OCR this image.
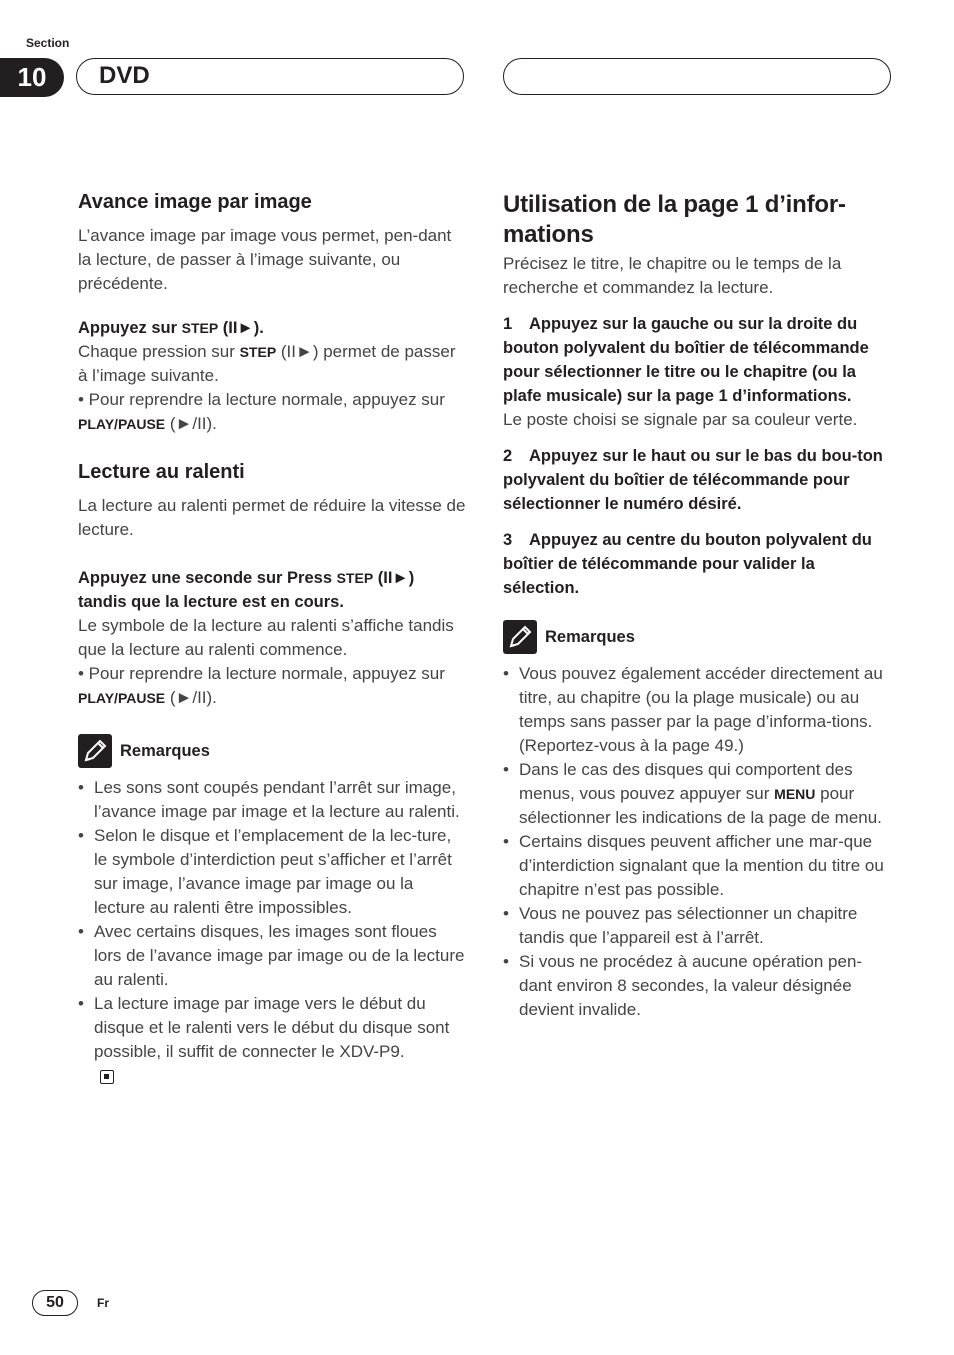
Section
10	DVD
Avance image par image

L’avance image par image vous permet, pen-dant la lecture, de passer à l’image suivante, ou précédente.

Appuyez sur STEP (II►).

Chaque pression sur STEP (II►) permet de passer à l’image suivante.

• Pour reprendre la lecture normale, appuyez sur PLAY/PAUSE (►/II).

Lecture au ralenti

La lecture au ralenti permet de réduire la vitesse de lecture.

Appuyez une seconde sur Press STEP (II►) tandis que la lecture est en cours.

Le symbole de la lecture au ralenti s’affiche tandis que la lecture au ralenti commence.

• Pour reprendre la lecture normale, appuyez sur PLAY/PAUSE (►/II).

Remarques
• Les sons sont coupés pendant l’arrêt sur image, l’avance image par image et la lecture au ralenti.
• Selon le disque et l’emplacement de la lec-ture, le symbole d’interdiction peut s’afficher et l’arrêt sur image, l’avance image par image ou la lecture au ralenti être impossibles.
• Avec certains disques, les images sont floues lors de l’avance image par image ou de la lecture au ralenti.
• La lecture image par image vers le début du disque et le ralenti vers le début du disque sont possible, il suffit de connecter le XDV-P9.
Utilisation de la page 1 d’infor-mations

Précisez le titre, le chapitre ou le temps de la recherche et commandez la lecture.

1 Appuyez sur la gauche ou sur la droite du bouton polyvalent du boîtier de télécommande pour sélectionner le titre ou le chapitre (ou la plafe musicale) sur la page 1 d’informations.

Le poste choisi se signale par sa couleur verte.

2 Appuyez sur le haut ou sur le bas du bou-ton polyvalent du boîtier de télécommande pour sélectionner le numéro désiré.

3 Appuyez au centre du bouton polyvalent du boîtier de télécommande pour valider la sélection.

Remarques
• Vous pouvez également accéder directement au titre, au chapitre (ou la plage musicale) ou au temps sans passer par la page d’informa-tions. (Reportez-vous à la page 49.)
• Dans le cas des disques qui comportent des menus, vous pouvez appuyer sur MENU pour sélectionner les indications de la page de menu.
• Certains disques peuvent afficher une mar-que d’interdiction signalant que la mention du titre ou chapitre n’est pas possible.
• Vous ne pouvez pas sélectionner un chapitre tandis que l’appareil est à l’arrêt.
• Si vous ne procédez à aucune opération pen-dant environ 8 secondes, la valeur désignée devient invalide.
50	Fr
